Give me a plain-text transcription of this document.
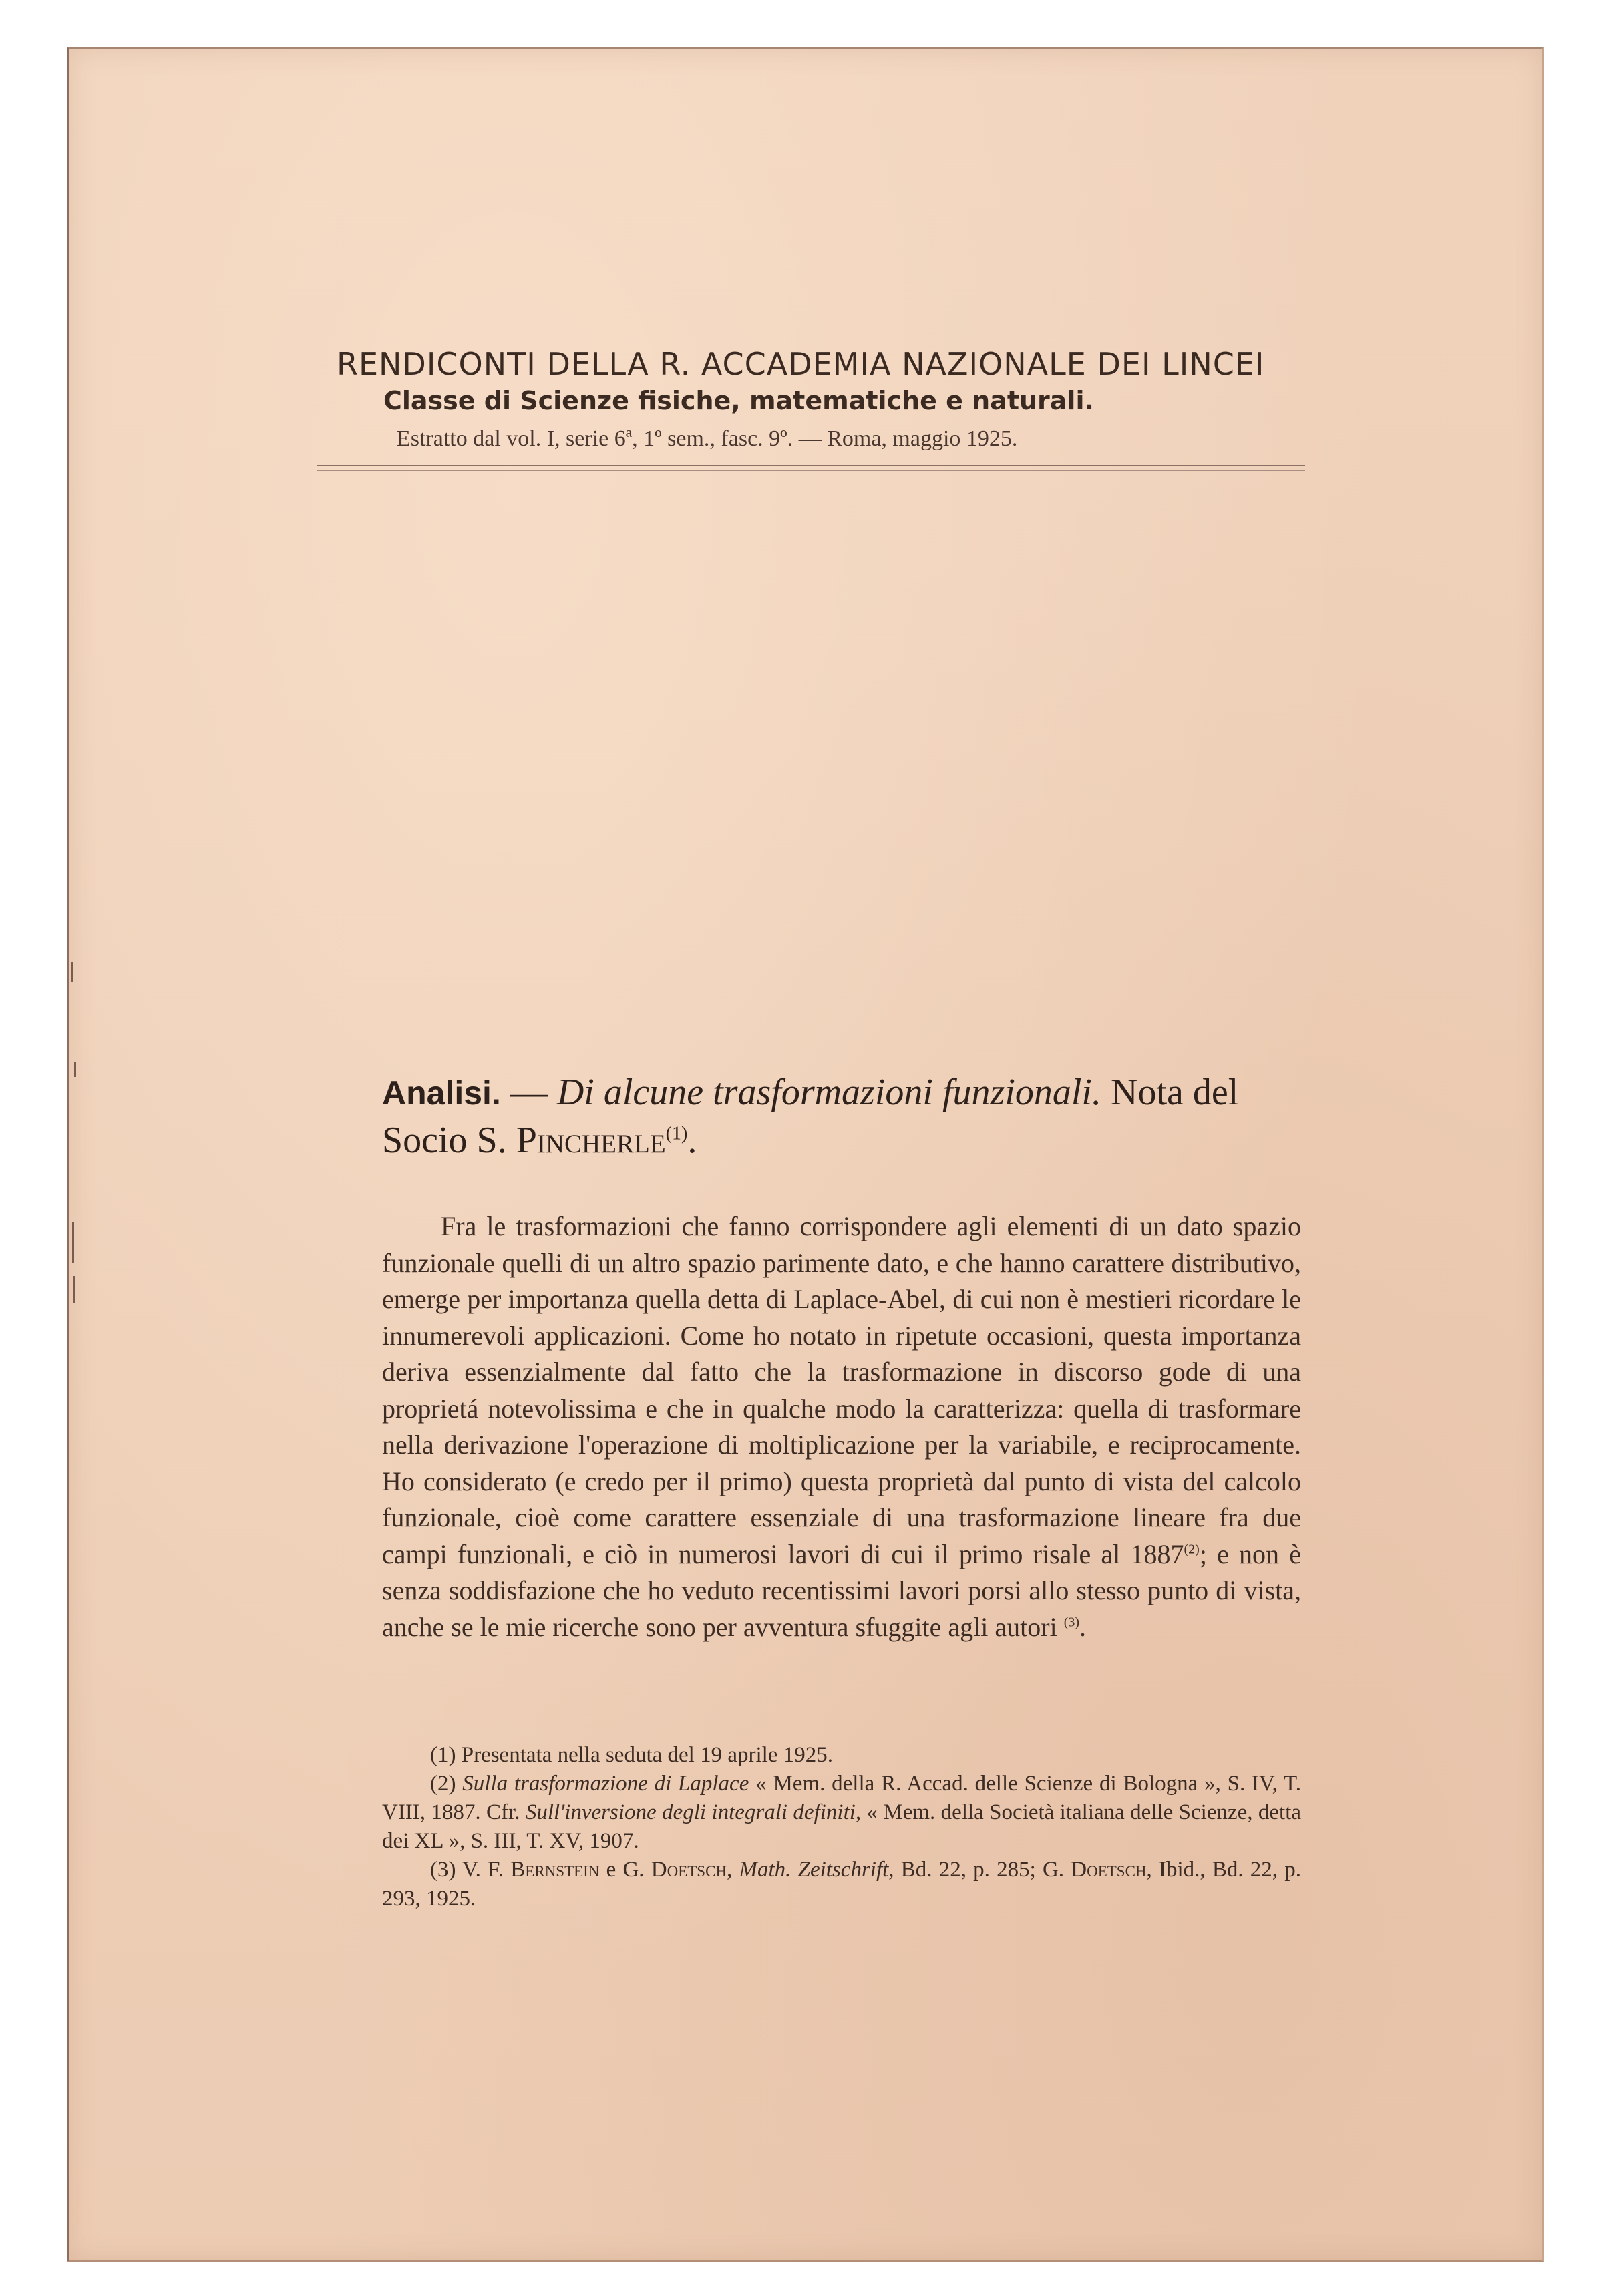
RENDICONTI DELLA R. ACCADEMIA NAZIONALE DEI LINCEI

Classe di Scienze fisiche, matematiche e naturali.

Estratto dal vol. I, serie 6ª, 1º sem., fasc. 9º. — Roma, maggio 1925.

Analisi. — Di alcune trasformazioni funzionali. Nota del

Socio S. Pincherle$^{(1)}$.

Fra le trasformazioni che fanno corrispondere agli elementi di un dato spazio funzionale quelli di un altro spazio parimente dato, e che hanno carattere distributivo, emerge per importanza quella detta di Laplace-Abel, di cui non è mestieri ricordare le innumerevoli applicazioni. Come ho notato in ripetute occasioni, questa importanza deriva essenzialmente dal fatto che la trasformazione in discorso gode di una proprietá notevolissima e che in qualche modo la caratterizza: quella di trasformare nella derivazione l'operazione di moltiplicazione per la variabile, e reciprocamente. Ho considerato (e credo per il primo) questa proprietà dal punto di vista del calcolo funzionale, cioè come carattere essenziale di una trasformazione lineare fra due campi funzionali, e ciò in numerosi lavori di cui il primo risale al 1887$^{(2)}$; e non è senza soddisfazione che ho veduto recentissimi lavori porsi allo stesso punto di vista, anche se le mie ricerche sono per avventura sfuggite agli autori $^{(3)}$.

(1) Presentata nella seduta del 19 aprile 1925.

(2) Sulla trasformazione di Laplace « Mem. della R. Accad. delle Scienze di Bologna », S. IV, T. VIII, 1887. Cfr. Sull'inversione degli integrali definiti, « Mem. della Società italiana delle Scienze, detta dei XL », S. III, T. XV, 1907.

(3) V. F. Bernstein e G. Doetsch, Math. Zeitschrift, Bd. 22, p. 285; G. Doetsch, Ibid., Bd. 22, p. 293, 1925.
